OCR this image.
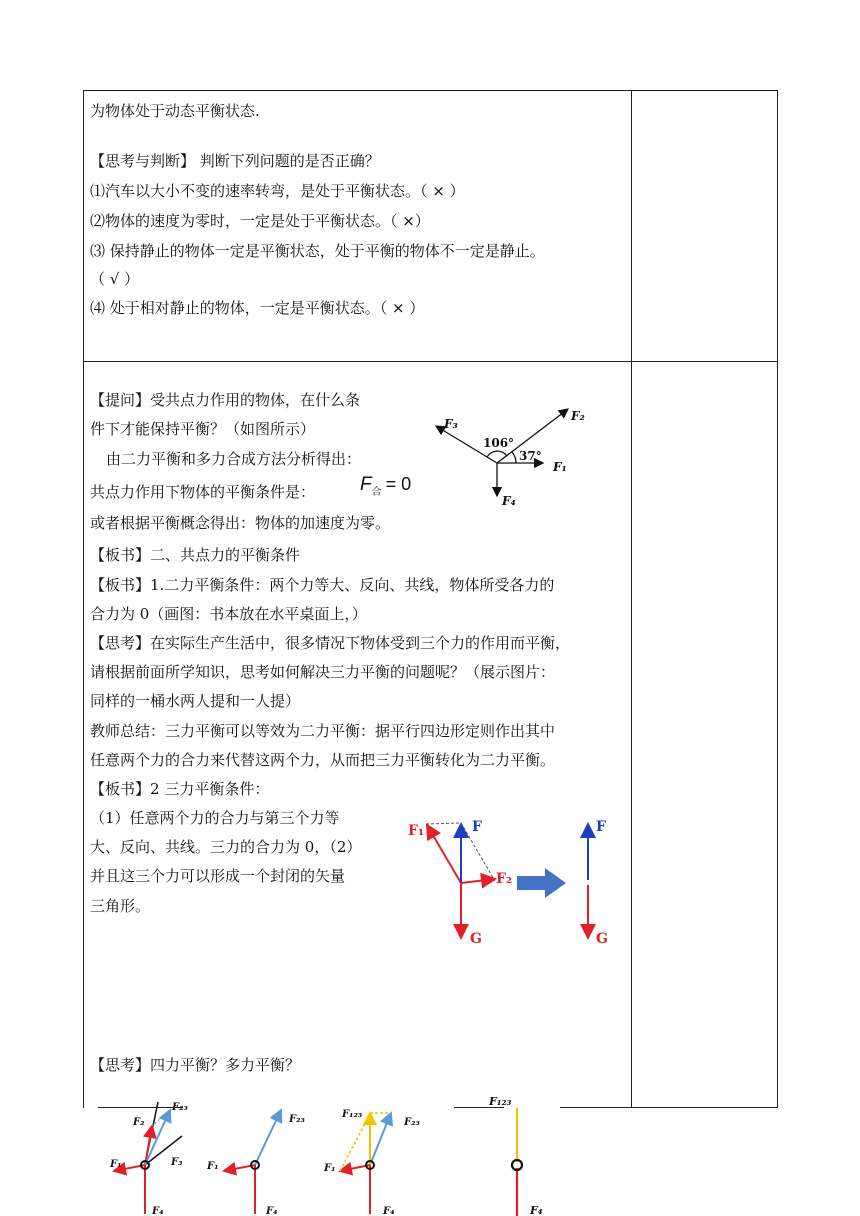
为物体处于动态平衡状态.
【思考与判断】 判断下列问题的是否正确？
⑴汽车以大小不变的速率转弯，是处于平衡状态。（ × ）
⑵物体的速度为零时，一定是处于平衡状态。（ ×）
⑶ 保持静止的物体一定是平衡状态，处于平衡的物体不一定是静止。
（ √ ）
⑷ 处于相对静止的物体，一定是平衡状态。（ × ）
【提问】受共点力作用的物体，在什么条
件下才能保持平衡？（如图所示）
由二力平衡和多力合成方法分析得出：
共点力作用下物体的平衡条件是： $F_合 = 0$
或者根据平衡概念得出：物体的加速度为零。
【板书】二、共点力的平衡条件
【板书】1.二力平衡条件：两个力等大、反向、共线，物体所受各力的
合力为 0（画图：书本放在水平桌面上，）
【思考】在实际生产生活中，很多情况下物体受到三个力的作用而平衡，
请根据前面所学知识，思考如何解决三力平衡的问题呢？（展示图片：
同样的一桶水两人提和一人提）
教师总结：三力平衡可以等效为二力平衡：据平行四边形定则作出其中
任意两个力的合力来代替这两个力，从而把三力平衡转化为二力平衡。
【板书】2 三力平衡条件：
（1）任意两个力的合力与第三个力等
大、反向、共线。三力的合力为 0，（2）
并且这三个力可以形成一个封闭的矢量
三角形。
【思考】四力平衡？多力平衡？
F₃
F₂
F₁
F₄
106°
37°
F₁	F
F₂
G
F
G
F₂₃
F₂
F₁	F₃
F₄
F₂₃
F₁
F₄
F₁₂₃
F₂₃
F₁
F₄
F₁₂₃
F₄
